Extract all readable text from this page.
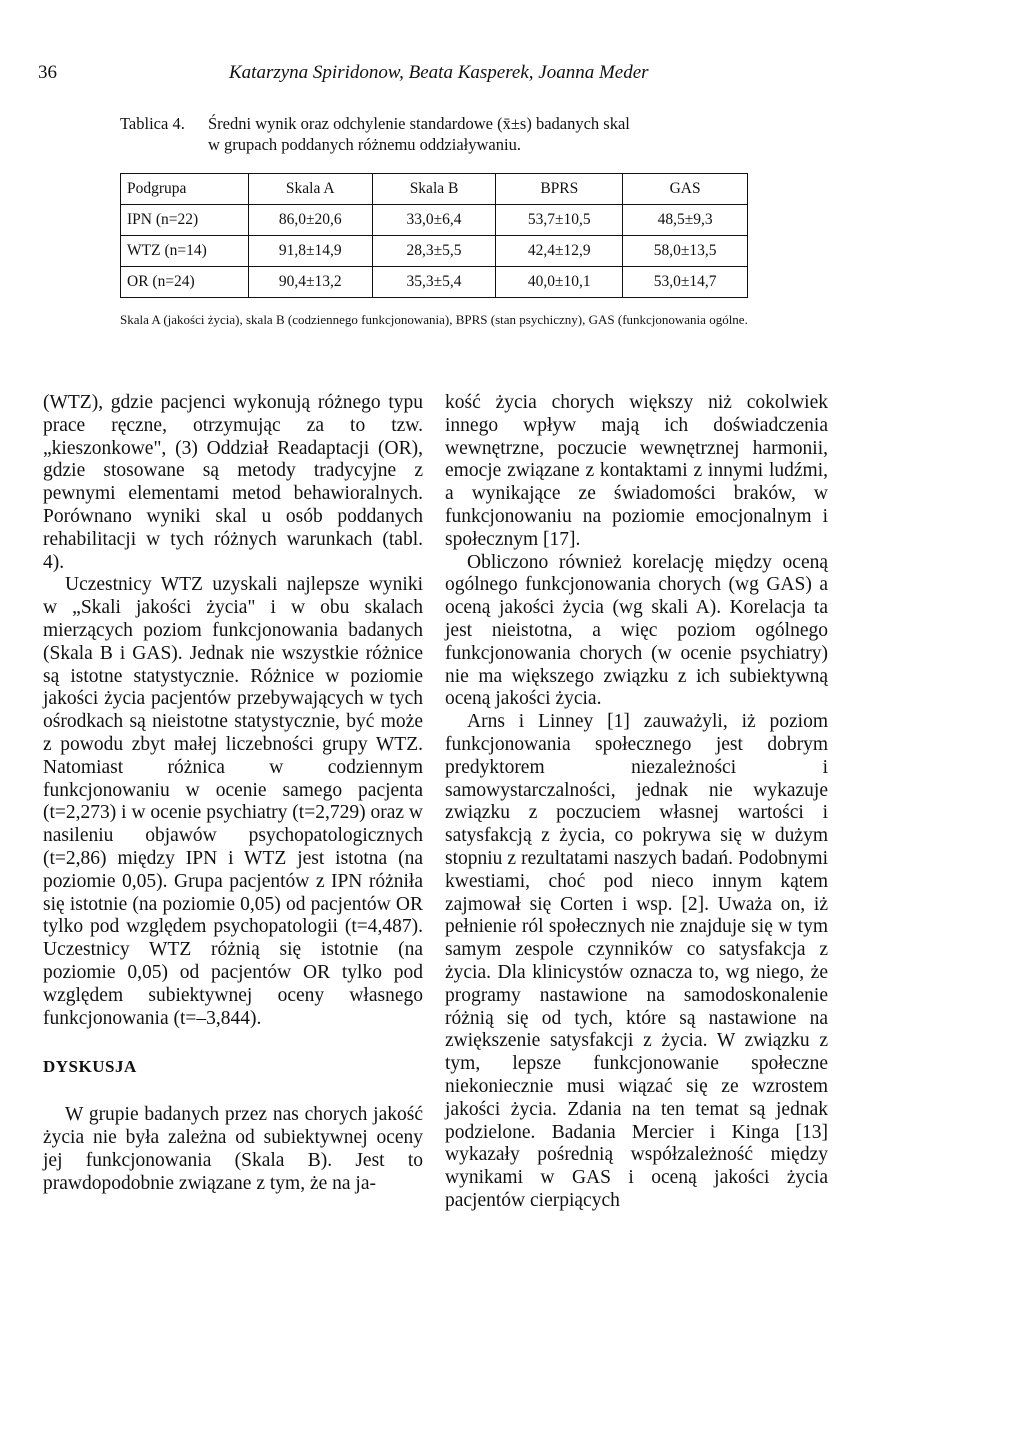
36	Katarzyna Spiridonow, Beata Kasperek, Joanna Meder
Tablica 4. Średni wynik oraz odchylenie standardowe (x̄±s) badanych skal
w grupach poddanych różnemu oddziaływaniu.
Podgrupa	Skala A	Skala B	BPRS	GAS
IPN (n=22)	86,0±20,6	33,0±6,4	53,7±10,5	48,5±9,3
WTZ (n=14)	91,8±14,9	28,3±5,5	42,4±12,9	58,0±13,5
OR (n=24)	90,4±13,2	35,3±5,4	40,0±10,1	53,0±14,7
Skala A (jakości życia), skala B (codziennego funkcjonowania), BPRS (stan psychiczny), GAS (funkcjonowania ogólne.

(WTZ), gdzie pacjenci wykonują różnego typu prace ręczne, otrzymując za to tzw. „kieszonkowe", (3) Oddział Readaptacji (OR), gdzie stosowane są metody tradycyjne z pewnymi elementami metod behawioralnych. Porównano wyniki skal u osób poddanych rehabilitacji w tych różnych warunkach (tabl. 4).

Uczestnicy WTZ uzyskali najlepsze wyniki w „Skali jakości życia" i w obu skalach mierzących poziom funkcjonowania badanych (Skala B i GAS). Jednak nie wszystkie różnice są istotne statystycznie. Różnice w poziomie jakości życia pacjentów przebywających w tych ośrodkach są nieistotne statystycznie, być może z powodu zbyt małej liczebności grupy WTZ. Natomiast różnica w codziennym funkcjonowaniu w ocenie samego pacjenta (t=2,273) i w ocenie psychiatry (t=2,729) oraz w nasileniu objawów psychopatologicznych (t=2,86) między IPN i WTZ jest istotna (na poziomie 0,05). Grupa pacjentów z IPN różniła się istotnie (na poziomie 0,05) od pacjentów OR tylko pod względem psychopatologii (t=4,487). Uczestnicy WTZ różnią się istotnie (na poziomie 0,05) od pacjentów OR tylko pod względem subiektywnej oceny własnego funkcjonowania (t=–3,844).

DYSKUSJA

W grupie badanych przez nas chorych jakość życia nie była zależna od subiektywnej oceny jej funkcjonowania (Skala B). Jest to prawdopodobnie związane z tym, że na ja-

kość życia chorych większy niż cokolwiek innego wpływ mają ich doświadczenia wewnętrzne, poczucie wewnętrznej harmonii, emocje związane z kontaktami z innymi ludźmi, a wynikające ze świadomości braków, w funkcjonowaniu na poziomie emocjonalnym i społecznym [17].

Obliczono również korelację między oceną ogólnego funkcjonowania chorych (wg GAS) a oceną jakości życia (wg skali A). Korelacja ta jest nieistotna, a więc poziom ogólnego funkcjonowania chorych (w ocenie psychiatry) nie ma większego związku z ich subiektywną oceną jakości życia.

Arns i Linney [1] zauważyli, iż poziom funkcjonowania społecznego jest dobrym predyktorem niezależności i samowystarczalności, jednak nie wykazuje związku z poczuciem własnej wartości i satysfakcją z życia, co pokrywa się w dużym stopniu z rezultatami naszych badań. Podobnymi kwestiami, choć pod nieco innym kątem zajmował się Corten i wsp. [2]. Uważa on, iż pełnienie ról społecznych nie znajduje się w tym samym zespole czynników co satysfakcja z życia. Dla klinicystów oznacza to, wg niego, że programy nastawione na samodoskonalenie różnią się od tych, które są nastawione na zwiększenie satysfakcji z życia. W związku z tym, lepsze funkcjonowanie społeczne niekoniecznie musi wiązać się ze wzrostem jakości życia. Zdania na ten temat są jednak podzielone. Badania Mercier i Kinga [13] wykazały pośrednią współzależność między wynikami w GAS i oceną jakości życia pacjentów cierpiących
